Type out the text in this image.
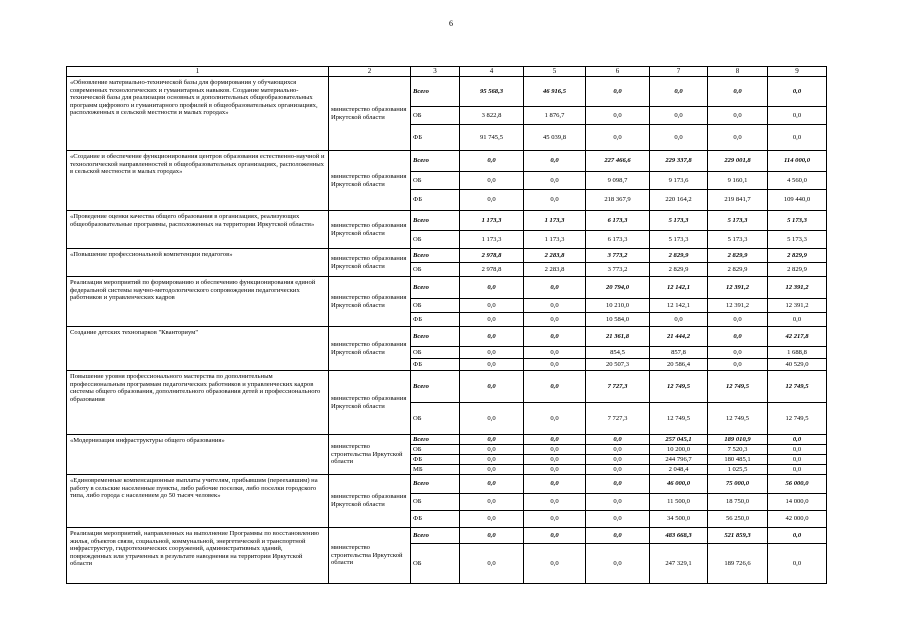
6
1	2	3	4	5	6	7	8	9
«Обновление материально-технической базы для формирования у обучающихся современных технологических и гуманитарных навыков. Создание материально-технической базы для реализации основных и дополнительных общеобразовательных программ цифрового и гуманитарного профилей в общеобразовательных организациях, расположенных в сельской местности и малых городах»	министерство образования Иркутской области	Всего	95 568,3	46 916,5	0,0	0,0	0,0	0,0
		ОБ	3 822,8	1 876,7	0,0	0,0	0,0	0,0
		ФБ	91 745,5	45 039,8	0,0	0,0	0,0	0,0
«Создание и обеспечение функционирования центров образования естественно-научной и технологической направленностей в общеобразовательных организациях, расположенных в сельской местности и малых городах»	министерство образования Иркутской области	Всего	0,0	0,0	227 466,6	229 337,8	229 001,8	114 000,0
		ОБ	0,0	0,0	9 098,7	9 173,6	9 160,1	4 560,0
		ФБ	0,0	0,0	218 367,9	220 164,2	219 841,7	109 440,0
«Проведение оценки качества общего образования в организациях, реализующих общеобразовательные программы, расположенных на территории Иркутской области»	министерство образования Иркутской области	Всего	1 173,3	1 173,3	6 173,3	5 173,3	5 173,3	5 173,3
		ОБ	1 173,3	1 173,3	6 173,3	5 173,3	5 173,3	5 173,3
«Повышение профессиональной компетенции педагогов»	министерство образования Иркутской области	Всего	2 978,8	2 283,8	3 773,2	2 829,9	2 829,9	2 829,9
		ОБ	2 978,8	2 283,8	3 773,2	2 829,9	2 829,9	2 829,9
Реализация мероприятий по формированию и обеспечению функционирования единой федеральной системы научно-методологического сопровождения педагогических работников и управленческих кадров	министерство образования Иркутской области	Всего	0,0	0,0	20 794,0	12 142,1	12 391,2	12 391,2
		ОБ	0,0	0,0	10 210,0	12 142,1	12 391,2	12 391,2
		ФБ	0,0	0,0	10 584,0	0,0	0,0	0,0
Создание детских технопарков "Кванториум"	министерство образования Иркутской области	Всего	0,0	0,0	21 361,8	21 444,2	0,0	42 217,8
		ОБ	0,0	0,0	854,5	857,8	0,0	1 688,8
		ФБ	0,0	0,0	20 507,3	20 586,4	0,0	40 529,0
Повышение уровня профессионального мастерства по дополнительным профессиональным программам педагогических работников и управленческих кадров системы общего образования, дополнительного образования детей и профессионального образования	министерство образования Иркутской области	Всего	0,0	0,0	7 727,3	12 749,5	12 749,5	12 749,5
		ОБ	0,0	0,0	7 727,3	12 749,5	12 749,5	12 749,5
«Модернизация инфраструктуры общего образования»	министерство строительства Иркутской области	Всего	0,0	0,0	0,0	257 045,1	189 010,9	0,0
		ОБ	0,0	0,0	0,0	10 200,0	7 520,3	0,0
		ФБ	0,0	0,0	0,0	244 796,7	180 485,1	0,0
		МБ	0,0	0,0	0,0	2 048,4	1 025,5	0,0
«Единовременные компенсационные выплаты учителям, прибывшим (переехавшим) на работу в сельские населенные пункты, либо рабочие поселки, либо поселки городского типа, либо города с населением до 50 тысяч человек»	министерство образования Иркутской области	Всего	0,0	0,0	0,0	46 000,0	75 000,0	56 000,0
		ОБ	0,0	0,0	0,0	11 500,0	18 750,0	14 000,0
		ФБ	0,0	0,0	0,0	34 500,0	56 250,0	42 000,0
Реализация мероприятий, направленных на выполнение Программы по восстановлению жилья, объектов связи, социальной, коммунальной, энергетической и транспортной инфраструктур, гидротехнических сооружений, административных зданий, поврежденных или утраченных в результате наводнения на территории Иркутской области	министерство строительства Иркутской области	Всего	0,0	0,0	0,0	483 668,3	521 859,3	0,0
		ОБ	0,0	0,0	0,0	247 329,1	189 726,6	0,0
